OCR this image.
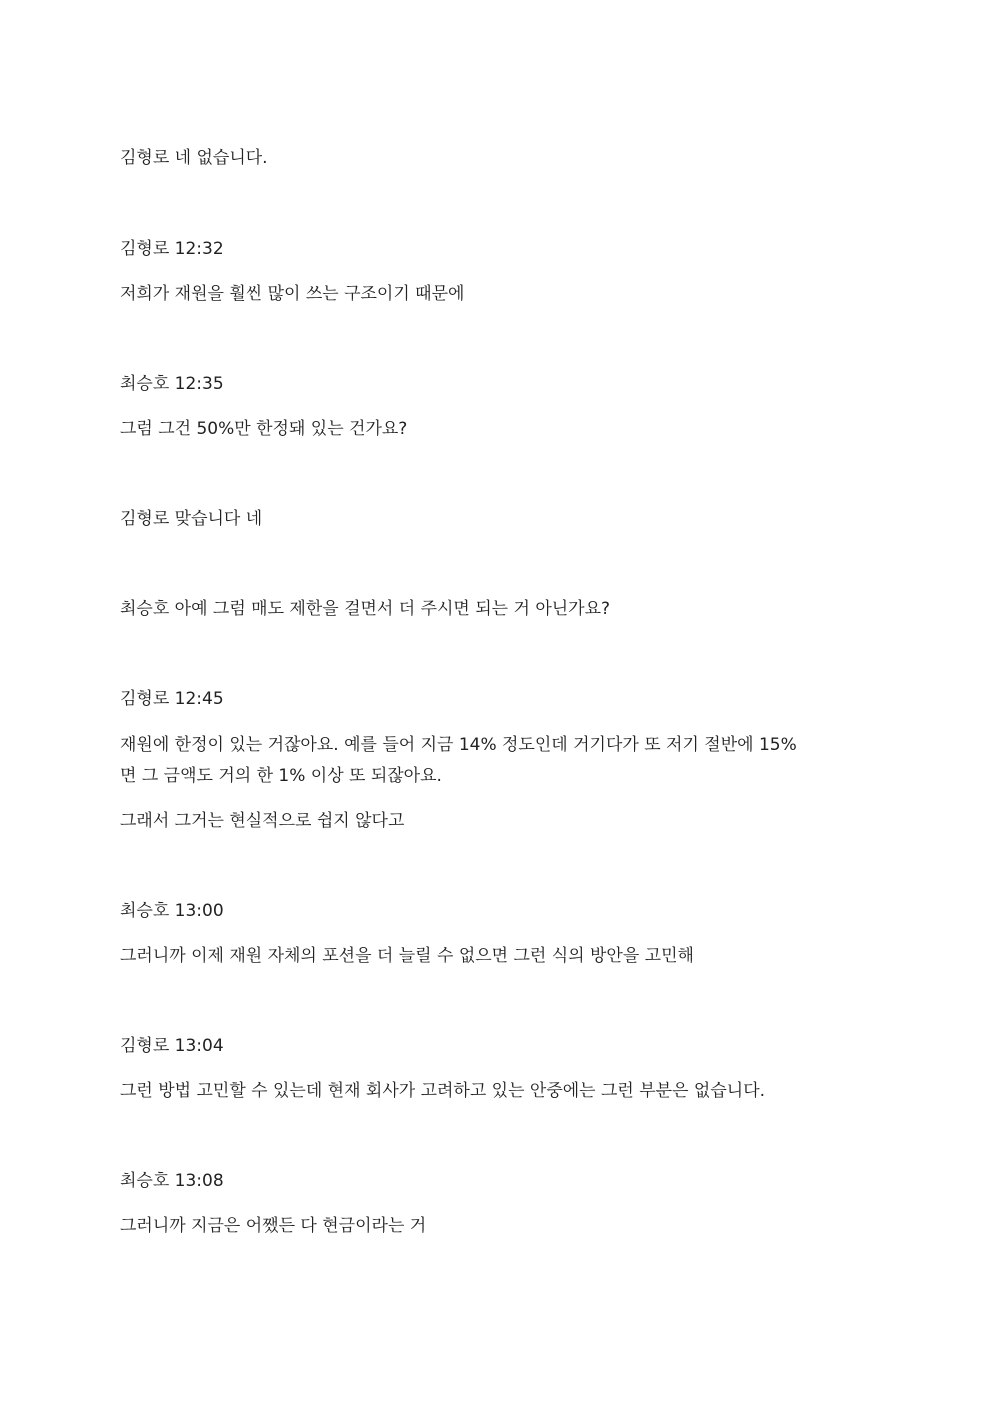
김형로 네 없습니다.
김형로 12:32
저희가 재원을 훨씬 많이 쓰는 구조이기 때문에
최승호 12:35
그럼 그건 50%만 한정돼 있는 건가요?
김형로 맞습니다 네
최승호 아예 그럼 매도 제한을 걸면서 더 주시면 되는 거 아닌가요?
김형로 12:45
재원에 한정이 있는 거잖아요. 예를 들어 지금 14% 정도인데 거기다가 또 저기 절반에 15%
면 그 금액도 거의 한 1% 이상 또 되잖아요.
그래서 그거는 현실적으로 쉽지 않다고
최승호 13:00
그러니까 이제 재원 자체의 포션을 더 늘릴 수 없으면 그런 식의 방안을 고민해
김형로 13:04
그런 방법 고민할 수 있는데 현재 회사가 고려하고 있는 안중에는 그런 부분은 없습니다.
최승호 13:08
그러니까 지금은 어쨌든 다 현금이라는 거
